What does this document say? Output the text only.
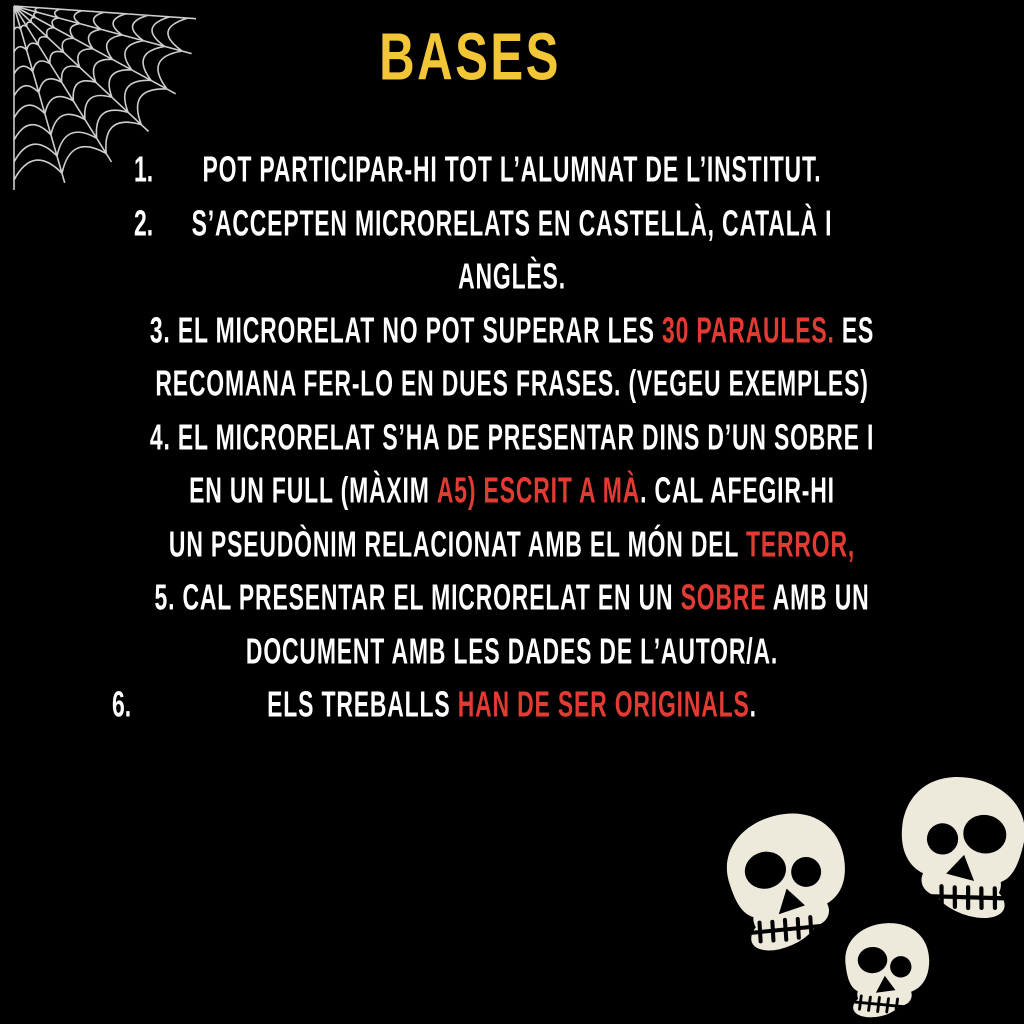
BASES
1. POT PARTICIPAR-HI TOT L’ALUMNAT DE L’INSTITUT.
2. S’ACCEPTEN MICRORELATS EN CASTELLÀ, CATALÀ I
ANGLÈS.
3. EL MICRORELAT NO POT SUPERAR LES 30 PARAULES. ES
RECOMANA FER-LO EN DUES FRASES. (VEGEU EXEMPLES)
4. EL MICRORELAT S’HA DE PRESENTAR DINS D’UN SOBRE I
EN UN FULL (MÀXIM A5) ESCRIT A MÀ . CAL AFEGIR-HI
UN PSEUDÒNIM RELACIONAT AMB EL MÓN DEL TERROR,
5. CAL PRESENTAR EL MICRORELAT EN UN SOBRE AMB UN
DOCUMENT AMB LES DADES DE L’AUTOR/A.
6.	ELS TREBALLS HAN DE SER ORIGINALS .
